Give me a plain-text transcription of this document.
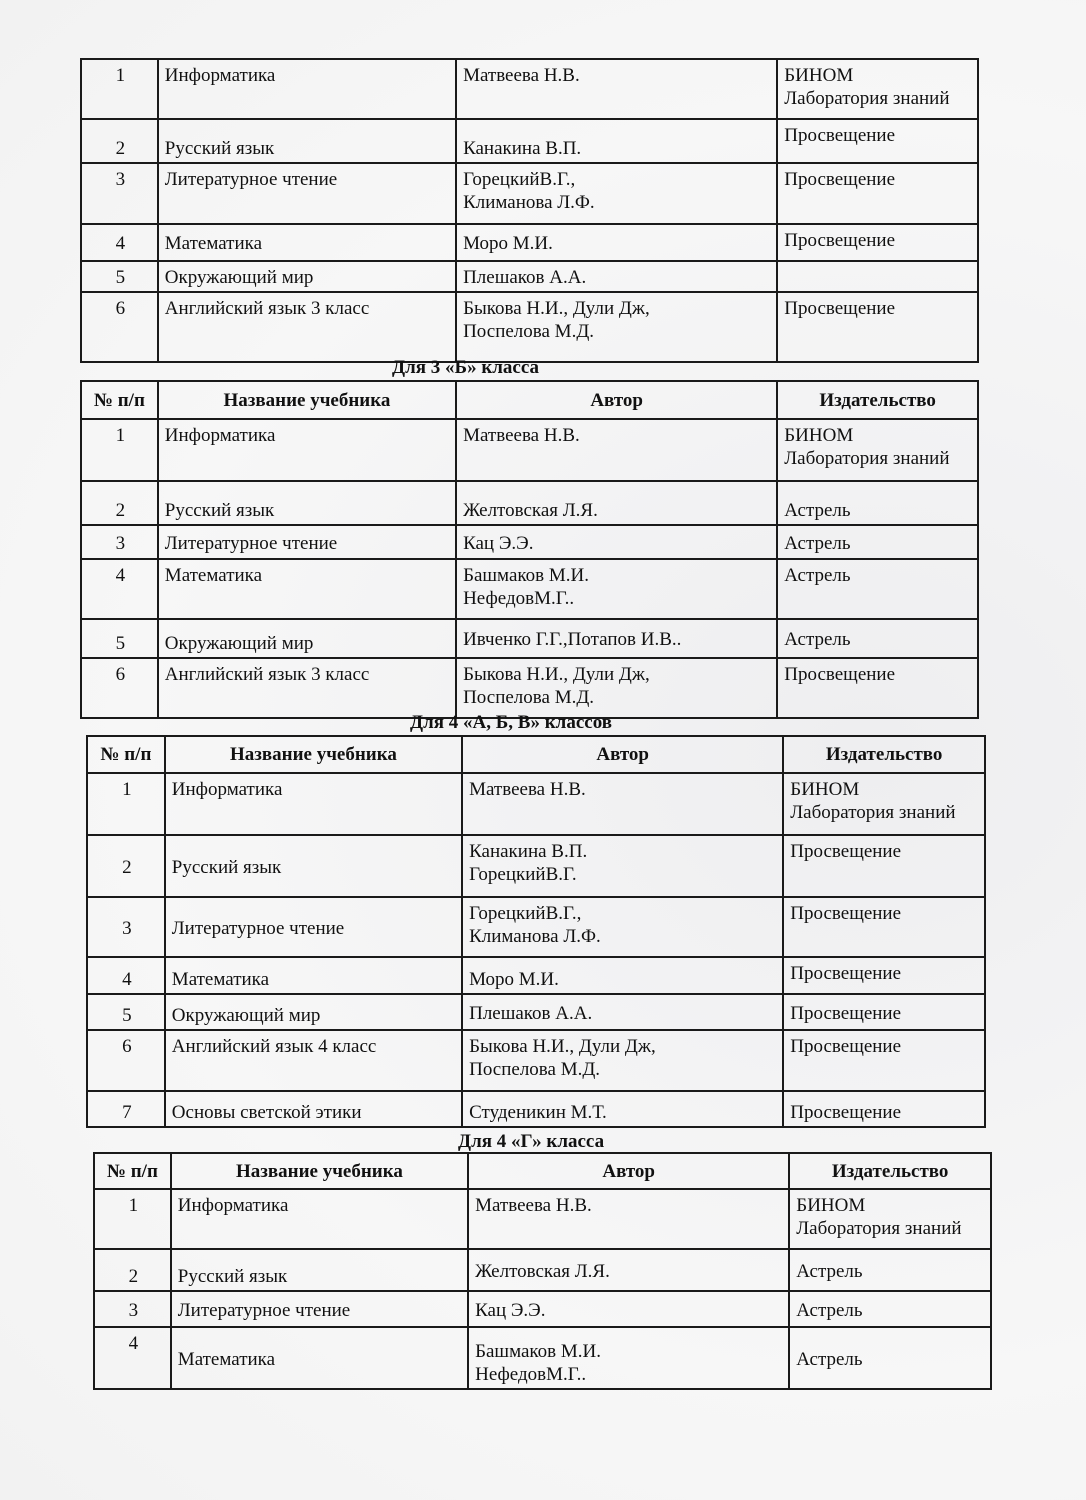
1	Информатика	Матвеева Н.В.	БИНОМ
Лаборатория знаний

2	Русский язык	Канакина В.П.	Просвещение

3	Литературное чтение	ГорецкийВ.Г.,
Климанова Л.Ф.	Просвещение

4	Математика	Моро М.И.	Просвещение

5	Окружающий мир	Плешаков А.А.	

6	Английский язык 3 класс	Быкова Н.И., Дули Дж,
Поспелова М.Д.	Просвещение
Для 3 «Б» класса
№ п/п	Название учебника	Автор	Издательство
1	Информатика	Матвеева Н.В.	БИНОМ
Лаборатория знаний

2	Русский язык	Желтовская Л.Я.	Астрель

3	Литературное чтение	Кац Э.Э.	Астрель

4	Математика	Башмаков М.И.
НефедовМ.Г..	Астрель

5	Окружающий мир	Ивченко Г.Г.,Потапов И.В..	Астрель

6	Английский язык 3 класс	Быкова Н.И., Дули Дж,
Поспелова М.Д.	Просвещение
Для 4 «А, Б, В» классов
№ п/п	Название учебника	Автор	Издательство
1	Информатика	Матвеева Н.В.	БИНОМ
Лаборатория знаний

2	Русский язык	Канакина В.П.
ГорецкийВ.Г.	Просвещение

3	Литературное чтение	ГорецкийВ.Г.,
Климанова Л.Ф.	Просвещение

4	Математика	Моро М.И.	Просвещение

5	Окружающий мир	Плешаков А.А.	Просвещение

6	Английский язык 4 класс	Быкова Н.И., Дули Дж,
Поспелова М.Д.	Просвещение

7	Основы светской этики	Студеникин М.Т.	Просвещение
Для 4 «Г» класса
№ п/п	Название учебника	Автор	Издательство
1	Информатика	Матвеева Н.В.	БИНОМ
Лаборатория знаний

2	Русский язык	Желтовская Л.Я.	Астрель

3	Литературное чтение	Кац Э.Э.	Астрель

4	Математика	Башмаков М.И.
НефедовМ.Г..	Астрель
